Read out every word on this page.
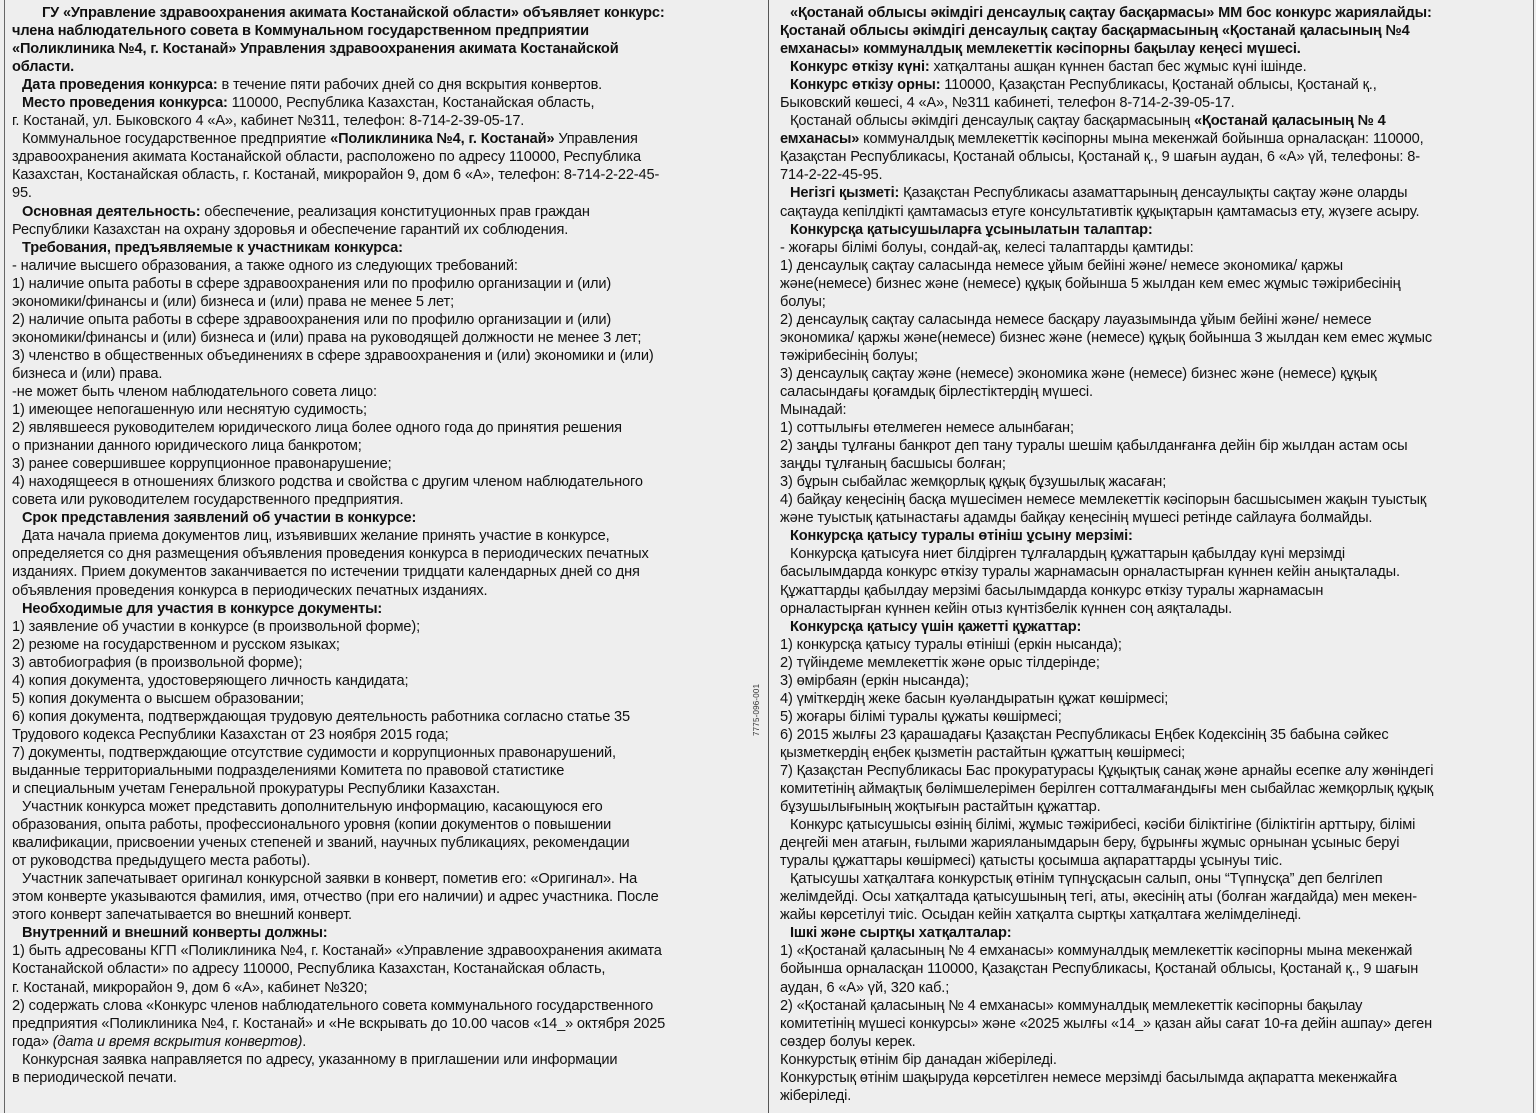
ГУ «Управление здравоохранения акимата Костанайской области» объявляет конкурс:
члена наблюдательного совета в Коммунальном государственном предприятии
«Поликлиника №4, г. Костанай» Управления здравоохранения акимата Костанайской
области.
Дата проведения конкурса: в течение пяти рабочих дней со дня вскрытия конвертов.
Место проведения конкурса: 110000, Республика Казахстан, Костанайская область,
г. Костанай, ул. Быковского 4 «А», кабинет №311, телефон: 8-714-2-39-05-17.
Коммунальное государственное предприятие «Поликлиника №4, г. Костанай» Управления
здравоохранения акимата Костанайской области, расположено по адресу 110000, Республика
Казахстан, Костанайская область, г. Костанай, микрорайон 9, дом 6 «А», телефон: 8-714-2-22-45-
95.
Основная деятельность: обеспечение, реализация конституционных прав граждан
Республики Казахстан на охрану здоровья и обеспечение гарантий их соблюдения.
Требования, предъявляемые к участникам конкурса:
- наличие высшего образования, а также одного из следующих требований:
1) наличие опыта работы в сфере здравоохранения или по профилю организации и (или)
экономики/финансы и (или) бизнеса и (или) права не менее 5 лет;
2) наличие опыта работы в сфере здравоохранения или по профилю организации и (или)
экономики/финансы и (или) бизнеса и (или) права на руководящей должности не менее 3 лет;
3) членство в общественных объединениях в сфере здравоохранения и (или) экономики и (или)
бизнеса и (или) права.
-не может быть членом наблюдательного совета лицо:
1) имеющее непогашенную или неснятую судимость;
2) являвшееся руководителем юридического лица более одного года до принятия решения
о признании данного юридического лица банкротом;
3) ранее совершившее коррупционное правонарушение;
4) находящееся в отношениях близкого родства и свойства с другим членом наблюдательного
совета или руководителем государственного предприятия.
Срок представления заявлений об участии в конкурсе:
Дата начала приема документов лиц, изъявивших желание принять участие в конкурсе,
определяется со дня размещения объявления проведения конкурса в периодических печатных
изданиях. Прием документов заканчивается по истечении тридцати календарных дней со дня
объявления проведения конкурса в периодических печатных изданиях.
Необходимые для участия в конкурсе документы:
1) заявление об участии в конкурсе (в произвольной форме);
2) резюме на государственном и русском языках;
3) автобиография (в произвольной форме);
4) копия документа, удостоверяющего личность кандидата;
5) копия документа о высшем образовании;
6) копия документа, подтверждающая трудовую деятельность работника согласно статье 35
Трудового кодекса Республики Казахстан от 23 ноября 2015 года;
7) документы, подтверждающие отсутствие судимости и коррупционных правонарушений,
выданные территориальными подразделениями Комитета по правовой статистике
и специальным учетам Генеральной прокуратуры Республики Казахстан.
Участник конкурса может представить дополнительную информацию, касающуюся его
образования, опыта работы, профессионального уровня (копии документов о повышении
квалификации, присвоении ученых степеней и званий, научных публикациях, рекомендации
от руководства предыдущего места работы).
Участник запечатывает оригинал конкурсной заявки в конверт, пометив его: «Оригинал». На
этом конверте указываются фамилия, имя, отчество (при его наличии) и адрес участника. После
этого конверт запечатывается во внешний конверт.
Внутренний и внешний конверты должны:
1) быть адресованы КГП «Поликлиника №4, г. Костанай» «Управление здравоохранения акимата
Костанайской области» по адресу 110000, Республика Казахстан, Костанайская область,
г. Костанай, микрорайон 9, дом 6 «А», кабинет №320;
2) содержать слова «Конкурс членов наблюдательного совета коммунального государственного
предприятия «Поликлиника №4, г. Костанай» и «Не вскрывать до 10.00 часов «14_» октября 2025
года» (дата и время вскрытия конвертов).
Конкурсная заявка направляется по адресу, указанному в приглашении или информации
в периодической печати.
7775-096-001
«Қостанай облысы әкімдігі денсаулық сақтау басқармасы» ММ бос конкурс жариялайды:
Қостанай облысы әкімдігі денсаулық сақтау басқармасының «Қостанай қаласының №4
емханасы» коммуналдық мемлекеттік кәсіпорны бақылау кеңесі мүшесі.
Конкурс өткізу күні: хатқалтаны ашқан күннен бастап бес жұмыс күні ішінде.
Конкурс өткізу орны: 110000, Қазақстан Республикасы, Қостанай облысы, Қостанай қ.,
Быковский көшесі, 4 «А», №311 кабинеті, телефон 8-714-2-39-05-17.
Қостанай облысы әкімдігі денсаулық сақтау басқармасының «Қостанай қаласының № 4
емханасы» коммуналдық мемлекеттік кәсіпорны мына мекенжай бойынша орналасқан: 110000,
Қазақстан Республикасы, Қостанай облысы, Қостанай қ., 9 шағын аудан, 6 «А» үй, телефоны: 8-
714-2-22-45-95.
Негізгі қызметі: Қазақстан Республикасы азаматтарының денсаулықты сақтау және оларды
сақтауда кепілдікті қамтамасыз етуге консультативтік құқықтарын қамтамасыз ету, жүзеге асыру.
Конкурсқа қатысушыларға ұсынылатын талаптар:
- жоғары білімі болуы, сондай-ақ, келесі талаптарды қамтиды:
1) денсаулық сақтау саласында немесе ұйым бейіні және/ немесе экономика/ қаржы
және(немесе) бизнес және (немесе) құқық бойынша 5 жылдан кем емес жұмыс тәжірибесінің
болуы;
2) денсаулық сақтау саласында немесе басқару лауазымында ұйым бейіні және/ немесе
экономика/ қаржы және(немесе) бизнес және (немесе) құқық бойынша 3 жылдан кем емес жұмыс
тәжірибесінің болуы;
3) денсаулық сақтау және (немесе) экономика және (немесе) бизнес және (немесе) құқық
саласындағы қоғамдық бірлестіктердің мүшесі.
Мынадай:
1) соттылығы өтелмеген немесе алынбаған;
2) заңды тұлғаны банкрот деп тану туралы шешім қабылданғанға дейін бір жылдан астам осы
заңды тұлғаның басшысы болған;
3) бұрын сыбайлас жемқорлық құқық бұзушылық жасаған;
4) байқау кеңесінің басқа мүшесімен немесе мемлекеттік кәсіпорын басшысымен жақын туыстық
және туыстық қатынастағы адамды байқау кеңесінің мүшесі ретінде сайлауға болмайды.
Конкурсқа қатысу туралы өтініш ұсыну мерзімі:
Конкурсқа қатысуға ниет білдірген тұлғалардың құжаттарын қабылдау күні мерзімді
басылымдарда конкурс өткізу туралы жарнамасын орналастырған күннен кейін анықталады.
Құжаттарды қабылдау мерзімі басылымдарда конкурс өткізу туралы жарнамасын
орналастырған күннен кейін отыз күнтізбелік күннен соң аяқталады.
Конкурсқа қатысу үшін қажетті құжаттар:
1) конкурсқа қатысу туралы өтініші (еркін нысанда);
2) түйіндеме мемлекеттік және орыс тілдерінде;
3) өмірбаян (еркін нысанда);
4) үміткердің жеке басын куәландыратын құжат көшірмесі;
5) жоғары білімі туралы құжаты көшірмесі;
6) 2015 жылғы 23 қарашадағы Қазақстан Республикасы Еңбек Кодексінің 35 бабына сәйкес
қызметкердің еңбек қызметін растайтын құжаттың көшірмесі;
7) Қазақстан Республикасы Бас прокуратурасы Құқықтық санақ және арнайы есепке алу жөніндегі
комитетінің аймақтық бөлімшелерімен берілген сотталмағандығы мен сыбайлас жемқорлық құқық
бұзушылығының жоқтығын растайтын құжаттар.
Конкурс қатысушысы өзінің білімі, жұмыс тәжірибесі, кәсіби біліктігіне (біліктігін арттыру, білімі
деңгейі мен атағын, ғылыми жарияланымдарын беру, бұрынғы жұмыс орнынан ұсыныс беруі
туралы құжаттары көшірмесі) қатысты қосымша ақпараттарды ұсынуы тиіс.
Қатысушы хатқалтаға конкурстық өтінім түпнұсқасын салып, оны “Түпнұсқа” деп белгілеп
желімдейді. Осы хатқалтада қатысушының тегі, аты, әкесінің аты (болған жағдайда) мен мекен-
жайы көрсетілуі тиіс. Осыдан кейін хатқалта сыртқы хатқалтаға желімделінеді.
Ішкі және сыртқы хатқалталар:
1) «Қостанай қаласының № 4 емханасы» коммуналдық мемлекеттік кәсіпорны мына мекенжай
бойынша орналасқан 110000, Қазақстан Республикасы, Қостанай облысы, Қостанай қ., 9 шағын
аудан, 6 «А» үй, 320 каб.;
2) «Қостанай қаласының № 4 емханасы» коммуналдық мемлекеттік кәсіпорны бақылау
комитетінің мүшесі конкурсы» және «2025 жылғы «14_» қазан айы сағат 10-ға дейін ашпау» деген
сөздер болуы керек.
Конкурстық өтінім бір данадан жіберіледі.
Конкурстық өтінім шақыруда көрсетілген немесе мерзімді басылымда ақпаратта мекенжайға
жіберіледі.
